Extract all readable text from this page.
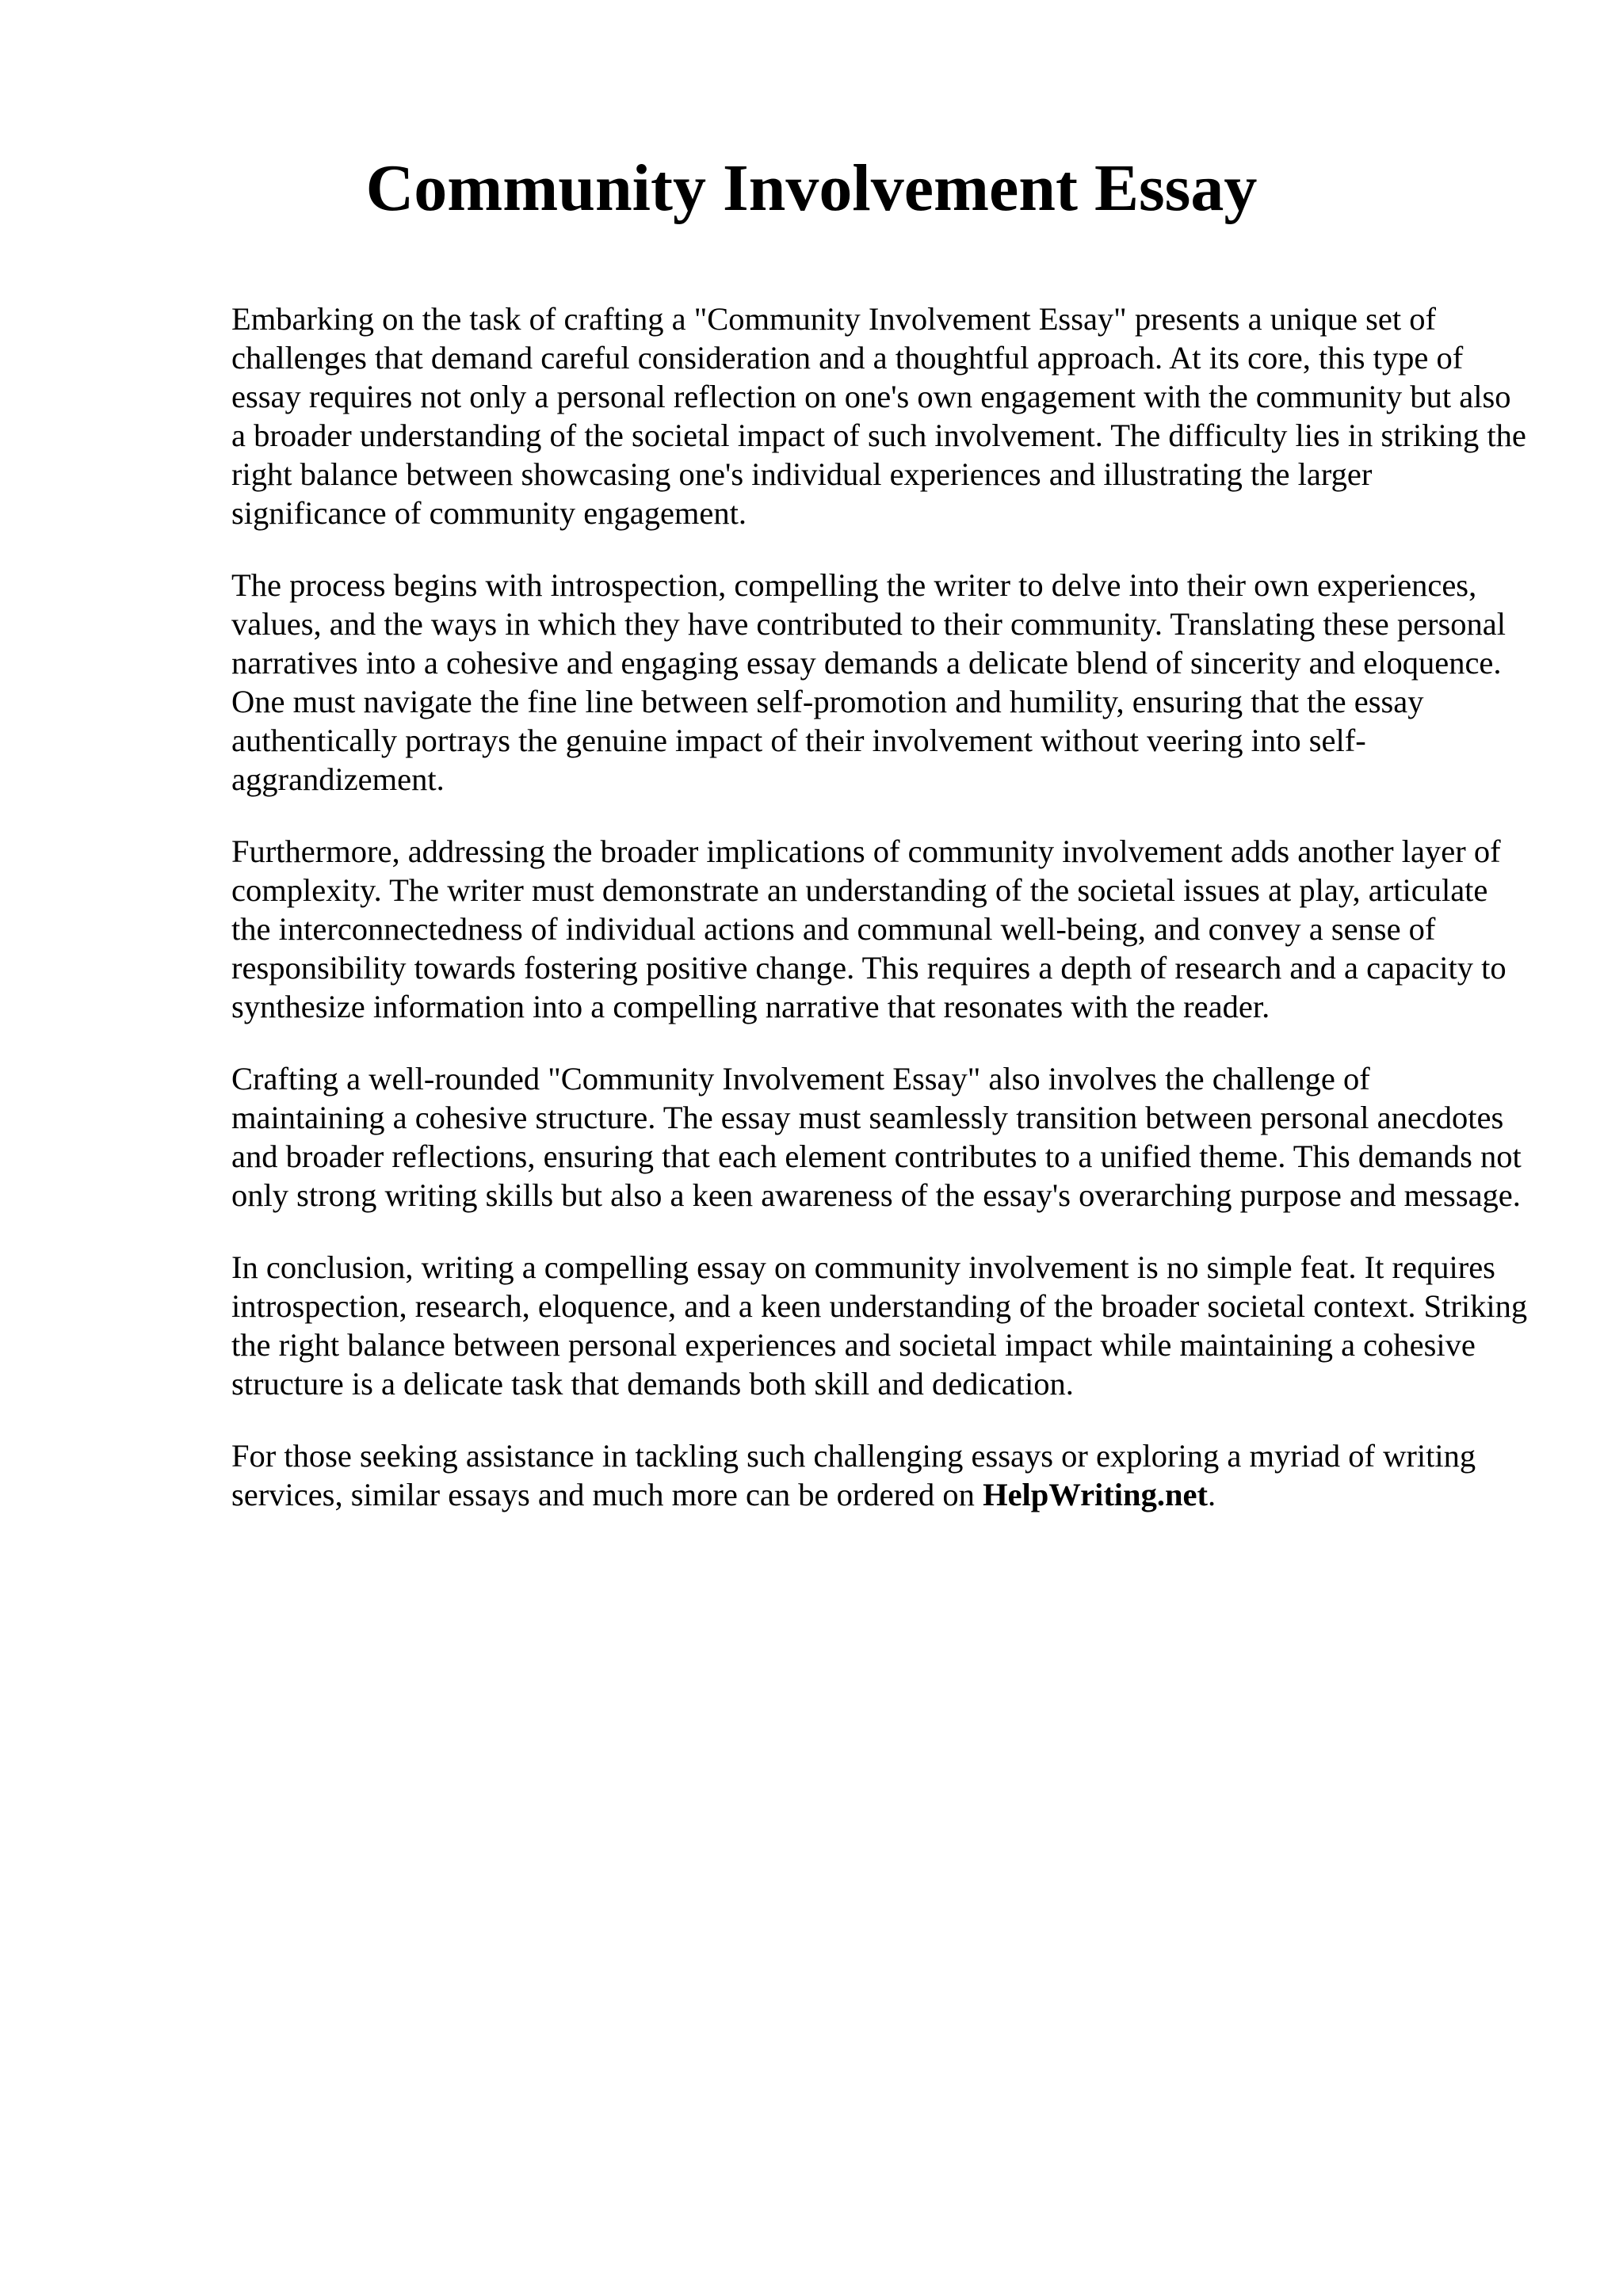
Community Involvement Essay

Embarking on the task of crafting a "Community Involvement Essay" presents a unique set of challenges that demand careful consideration and a thoughtful approach. At its core, this type of essay requires not only a personal reflection on one's own engagement with the community but also a broader understanding of the societal impact of such involvement. The difficulty lies in striking the right balance between showcasing one's individual experiences and illustrating the larger significance of community engagement.

The process begins with introspection, compelling the writer to delve into their own experiences, values, and the ways in which they have contributed to their community. Translating these personal narratives into a cohesive and engaging essay demands a delicate blend of sincerity and eloquence. One must navigate the fine line between self-promotion and humility, ensuring that the essay authentically portrays the genuine impact of their involvement without veering into self-aggrandizement.

Furthermore, addressing the broader implications of community involvement adds another layer of complexity. The writer must demonstrate an understanding of the societal issues at play, articulate the interconnectedness of individual actions and communal well-being, and convey a sense of responsibility towards fostering positive change. This requires a depth of research and a capacity to synthesize information into a compelling narrative that resonates with the reader.

Crafting a well-rounded "Community Involvement Essay" also involves the challenge of maintaining a cohesive structure. The essay must seamlessly transition between personal anecdotes and broader reflections, ensuring that each element contributes to a unified theme. This demands not only strong writing skills but also a keen awareness of the essay's overarching purpose and message.

In conclusion, writing a compelling essay on community involvement is no simple feat. It requires introspection, research, eloquence, and a keen understanding of the broader societal context. Striking the right balance between personal experiences and societal impact while maintaining a cohesive structure is a delicate task that demands both skill and dedication.

For those seeking assistance in tackling such challenging essays or exploring a myriad of writing services, similar essays and much more can be ordered on HelpWriting.net.
